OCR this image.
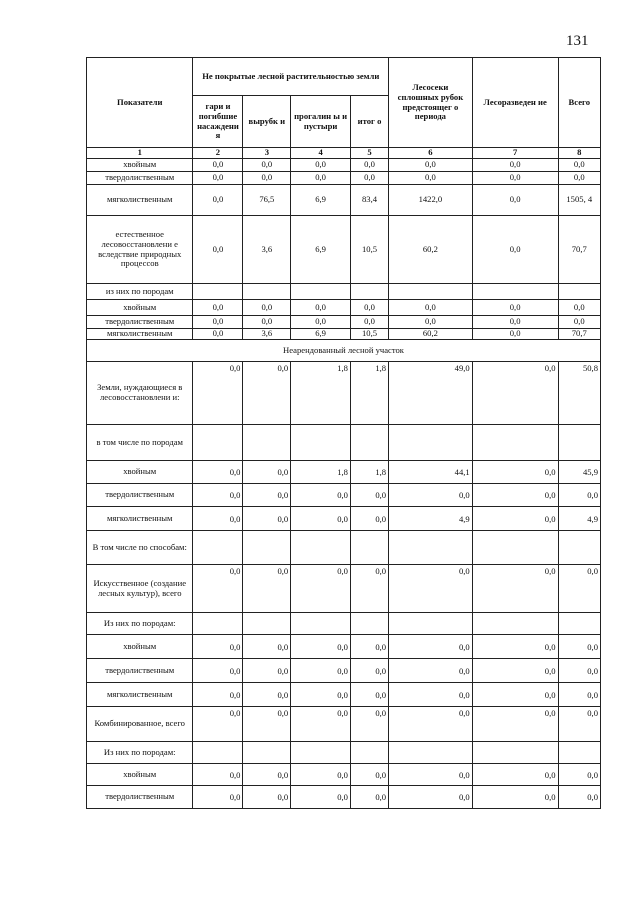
131
Показатели	Не покрытые лесной растительностью земли				Лесосеки сплошных рубок предстоящег о периода	Лесоразведен ие	Всего
	гари и погибшие насаждени я	вырубк и	прогалин ы и пустыри	итог о			
1	2	3	4	5	6	7	8
хвойным	0,0	0,0	0,0	0,0	0,0	0,0	0,0
твердолиственным	0,0	0,0	0,0	0,0	0,0	0,0	0,0
мягколиственным	0,0	76,5	6,9	83,4	1422,0	0,0	1505, 4
естественное лесовосстановлени е вследствие природных процессов	0,0	3,6	6,9	10,5	60,2	0,0	70,7
из них по породам							
хвойным	0,0	0,0	0,0	0,0	0,0	0,0	0,0
твердолиственным	0,0	0,0	0,0	0,0	0,0	0,0	0,0
мягколиственным	0,0	3,6	6,9	10,5	60,2	0,0	70,7
Неарендованный лесной участок							
Земли, нуждающиеся в лесовосстановлени и:	0,0	0,0	1,8	1,8	49,0	0,0	50,8
в том числе по породам							
хвойным	0,0	0,0	1,8	1,8	44,1	0,0	45,9
твердолиственным	0,0	0,0	0,0	0,0	0,0	0,0	0,0
мягколиственным	0,0	0,0	0,0	0,0	4,9	0,0	4,9
В том числе по способам:							
Искусственное (создание лесных культур), всего	0,0	0,0	0,0	0,0	0,0	0,0	0,0
Из них по породам:							
хвойным	0,0	0,0	0,0	0,0	0,0	0,0	0,0
твердолиственным	0,0	0,0	0,0	0,0	0,0	0,0	0,0
мягколиственным	0,0	0,0	0,0	0,0	0,0	0,0	0,0
Комбинированное, всего	0,0	0,0	0,0	0,0	0,0	0,0	0,0
Из них по породам:							
хвойным	0,0	0,0	0,0	0,0	0,0	0,0	0,0
твердолиственным	0,0	0,0	0,0	0,0	0,0	0,0	0,0
